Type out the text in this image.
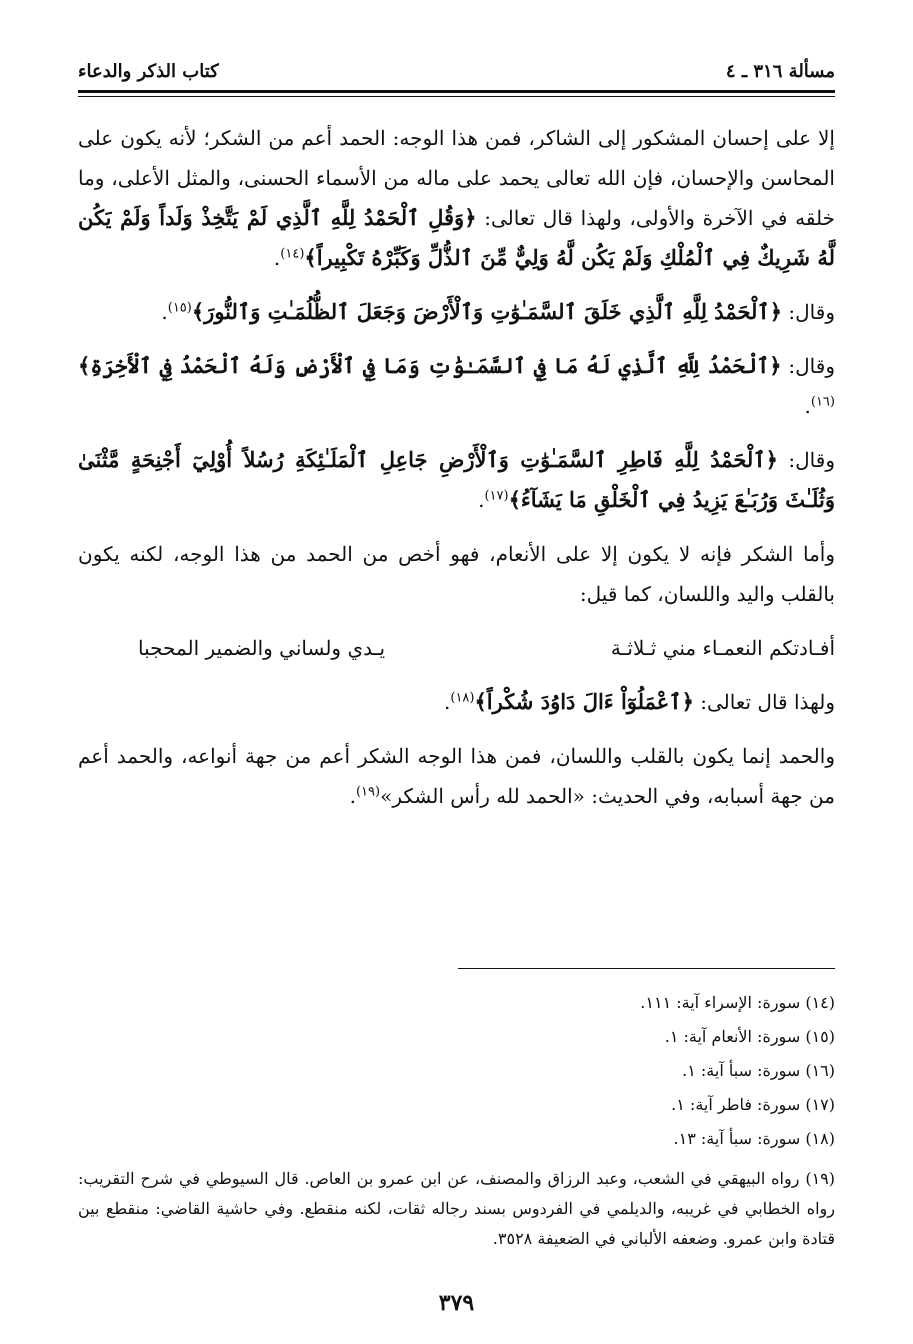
مسألة ٣١٦ ـ ٤
كتاب الذكر والدعاء

إلا على إحسان المشكور إلى الشاكر، فمن هذا الوجه: الحمد أعم من الشكر؛ لأنه يكون على المحاسن والإحسان، فإن الله تعالى يحمد على ماله من الأسماء الحسنى، والمثل الأعلى، وما خلقه في الآخرة والأولى، ولهذا قال تعالى: ﴿وَقُلِ ٱلْحَمْدُ لِلَّهِ ٱلَّذِي لَمْ يَتَّخِذْ وَلَداً وَلَمْ يَكُن لَّهُ شَرِيكٌ فِي ٱلْمُلْكِ وَلَمْ يَكُن لَّهُ وَلِيٌّ مِّنَ ٱلذُّلِّ وَكَبِّرْهُ تَكْبِيراً﴾$^{(١٤)}$.

وقال: ﴿ٱلْحَمْدُ لِلَّهِ ٱلَّذِي خَلَقَ ٱلسَّمَـٰوَٰتِ وَٱلْأَرْضَ وَجَعَلَ ٱلظُّلُمَـٰتِ وَٱلنُّورَ﴾$^{(١٥)}$.

وقال: ﴿ٱلْحَمْدُ لِلَّهِ ٱلَّذِي لَهُ مَا فِي ٱلسَّمَـٰوَٰتِ وَمَا فِي ٱلْأَرْضِ وَلَهُ ٱلْحَمْدُ فِي ٱلْأَخِرَةِ﴾$^{(١٦)}$.

وقال: ﴿ٱلْحَمْدُ لِلَّهِ فَاطِرِ ٱلسَّمَـٰوَٰتِ وَٱلْأَرْضِ جَاعِلِ ٱلْمَلَـٰئِكَةِ رُسُلاً أُوْلِيٓ أَجْنِحَةٍ مَّثْنَىٰ وَثُلَـٰثَ وَرُبَـٰعَ يَزِيدُ فِي ٱلْخَلْقِ مَا يَشَآءُ﴾$^{(١٧)}$.

وأما الشكر فإنه لا يكون إلا على الأنعام، فهو أخص من الحمد من هذا الوجه، لكنه يكون بالقلب واليد واللسان، كما قيل:

أفـادتكم النعمـاء مني ثـلاثـة
يـدي ولساني والضمير المحجبا

ولهذا قال تعالى: ﴿ٱعْمَلُوٓاْ ءَالَ دَاوُدَ شُكْراً﴾$^{(١٨)}$.

والحمد إنما يكون بالقلب واللسان، فمن هذا الوجه الشكر أعم من جهة أنواعه، والحمد أعم من جهة أسبابه، وفي الحديث: «الحمد لله رأس الشكر»$^{(١٩)}$.

(١٤) سورة: الإسراء آية: ١١١.

(١٥) سورة: الأنعام آية: ١.

(١٦) سورة: سبأ آية: ١.

(١٧) سورة: فاطر آية: ١.

(١٨) سورة: سبأ آية: ١٣.

(١٩) رواه البيهقي في الشعب، وعبد الرزاق والمصنف، عن ابن عمرو بن العاص. قال السيوطي في شرح التقريب: رواه الخطابي في غريبه، والديلمي في الفردوس بسند رجاله ثقات، لكنه منقطع. وفي حاشية القاضي: منقطع بين قتادة وابن عمرو. وضعفه الألباني في الضعيفة ٣٥٢٨.

٣٧٩
